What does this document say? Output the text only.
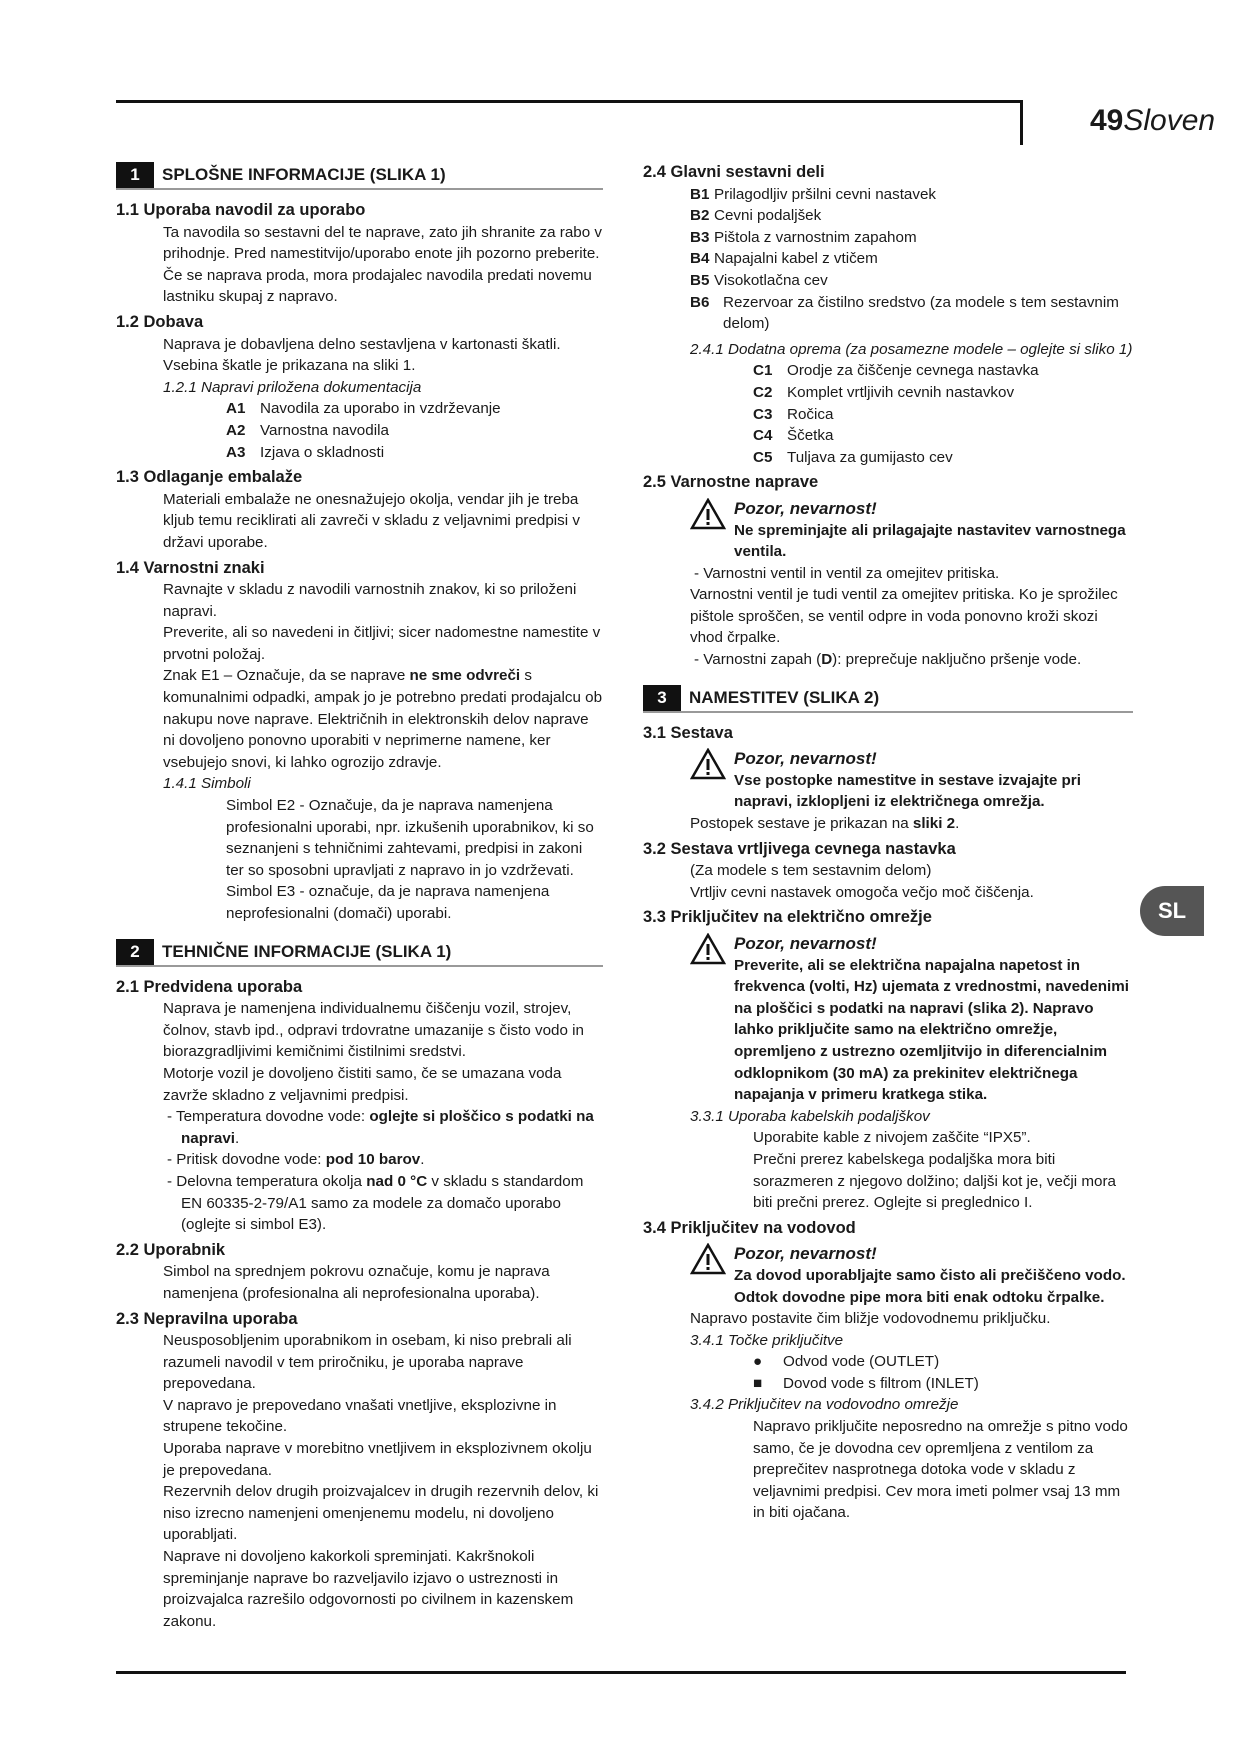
49Sloven
1	SPLOŠNE INFORMACIJE (SLIKA 1)
1.1 Uporaba navodil za uporabo
Ta navodila so sestavni del te naprave, zato jih shranite za rabo v prihodnje. Pred namestitvijo/uporabo enote jih pozorno preberite. Če se naprava proda, mora prodajalec navodila predati novemu lastniku skupaj z napravo.
1.2 Dobava
Naprava je dobavljena delno sestavljena v kartonasti škatli.
Vsebina škatle je prikazana na sliki 1.
1.2.1 Napravi priložena dokumentacija
A1 Navodila za uporabo in vzdrževanje
A2 Varnostna navodila
A3 Izjava o skladnosti
1.3 Odlaganje embalaže
Materiali embalaže ne onesnažujejo okolja, vendar jih je treba kljub temu reciklirati ali zavreči v skladu z veljavnimi predpisi v državi uporabe.
1.4 Varnostni znaki
Ravnajte v skladu z navodili varnostnih znakov, ki so priloženi napravi.
Preverite, ali so navedeni in čitljivi; sicer nadomestne namestite v prvotni položaj.
Znak E1 – Označuje, da se naprave ne sme odvreči s komunalnimi odpadki, ampak jo je potrebno predati prodajalcu ob nakupu nove naprave. Električnih in elektronskih delov naprave ni dovoljeno ponovno uporabiti v neprimerne namene, ker vsebujejo snovi, ki lahko ogrozijo zdravje.
1.4.1 Simboli
Simbol E2 - Označuje, da je naprava namenjena profesionalni uporabi, npr. izkušenih uporabnikov, ki so seznanjeni s tehničnimi zahtevami, predpisi in zakoni ter so sposobni upravljati z napravo in jo vzdrževati.
Simbol E3 - označuje, da je naprava namenjena neprofesionalni (domači) uporabi.
2	TEHNIČNE INFORMACIJE (SLIKA 1)
2.1 Predvidena uporaba
Naprava je namenjena individualnemu čiščenju vozil, strojev, čolnov, stavb ipd., odpravi trdovratne umazanije s čisto vodo in biorazgradljivimi kemičnimi čistilnimi sredstvi.
Motorje vozil je dovoljeno čistiti samo, če se umazana voda zavrže skladno z veljavnimi predpisi.
- Temperatura dovodne vode: oglejte si ploščico s podatki na napravi.
- Pritisk dovodne vode: pod 10 barov.
- Delovna temperatura okolja nad 0 °C v skladu s standardom EN 60335-2-79/A1 samo za modele za domačo uporabo (oglejte si simbol E3).
2.2 Uporabnik
Simbol na sprednjem pokrovu označuje, komu je naprava namenjena (profesionalna ali neprofesionalna uporaba).
2.3 Nepravilna uporaba
Neusposobljenim uporabnikom in osebam, ki niso prebrali ali razumeli navodil v tem priročniku, je uporaba naprave prepovedana.
V napravo je prepovedano vnašati vnetljive, eksplozivne in strupene tekočine.
Uporaba naprave v morebitno vnetljivem in eksplozivnem okolju je prepovedana.
Rezervnih delov drugih proizvajalcev in drugih rezervnih delov, ki niso izrecno namenjeni omenjenemu modelu, ni dovoljeno uporabljati.
Naprave ni dovoljeno kakorkoli spreminjati. Kakršnokoli spreminjanje naprave bo razveljavilo izjavo o ustreznosti in proizvajalca razrešilo odgovornosti po civilnem in kazenskem zakonu.
2.4 Glavni sestavni deli
B1 Prilagodljiv pršilni cevni nastavek
B2 Cevni podaljšek
B3 Pištola z varnostnim zapahom
B4 Napajalni kabel z vtičem
B5 Visokotlačna cev
B6 Rezervoar za čistilno sredstvo (za modele s tem sestavnim delom)
2.4.1 Dodatna oprema (za posamezne modele – oglejte si sliko 1)
C1 Orodje za čiščenje cevnega nastavka
C2 Komplet vrtljivih cevnih nastavkov
C3 Ročica
C4 Ščetka
C5 Tuljava za gumijasto cev
2.5 Varnostne naprave
Pozor, nevarnost!
Ne spreminjajte ali prilagajajte nastavitev varnostnega ventila.
- Varnostni ventil in ventil za omejitev pritiska.
Varnostni ventil je tudi ventil za omejitev pritiska. Ko je sprožilec pištole sproščen, se ventil odpre in voda ponovno kroži skozi vhod črpalke.
- Varnostni zapah (D): preprečuje naključno pršenje vode.
3	NAMESTITEV (SLIKA 2)
3.1 Sestava
Pozor, nevarnost!
Vse postopke namestitve in sestave izvajajte pri napravi, izklopljeni iz električnega omrežja.
Postopek sestave je prikazan na sliki 2.
3.2 Sestava vrtljivega cevnega nastavka
(Za modele s tem sestavnim delom)
Vrtljiv cevni nastavek omogoča večjo moč čiščenja.
3.3 Priključitev na električno omrežje
Pozor, nevarnost!
Preverite, ali se električna napajalna napetost in frekvenca (volti, Hz) ujemata z vrednostmi, navedenimi na ploščici s podatki na napravi (slika 2). Napravo lahko priključite samo na električno omrežje, opremljeno z ustrezno ozemljitvijo in diferencialnim odklopnikom (30 mA) za prekinitev električnega napajanja v primeru kratkega stika.
3.3.1 Uporaba kabelskih podaljškov
Uporabite kable z nivojem zaščite “IPX5”.
Prečni prerez kabelskega podaljška mora biti sorazmeren z njegovo dolžino; daljši kot je, večji mora biti prečni prerez. Oglejte si preglednico I.
3.4 Priključitev na vodovod
Pozor, nevarnost!
Za dovod uporabljajte samo čisto ali prečiščeno vodo. Odtok dovodne pipe mora biti enak odtoku črpalke.
Napravo postavite čim bližje vodovodnemu priključku.
3.4.1 Točke priključitve
●	Odvod vode (OUTLET)
■	Dovod vode s filtrom (INLET)
3.4.2 Priključitev na vodovodno omrežje
Napravo priključite neposredno na omrežje s pitno vodo samo, če je dovodna cev opremljena z ventilom za preprečitev nasprotnega dotoka vode v skladu z veljavnimi predpisi. Cev mora imeti polmer vsaj 13 mm in biti ojačana.
SL
